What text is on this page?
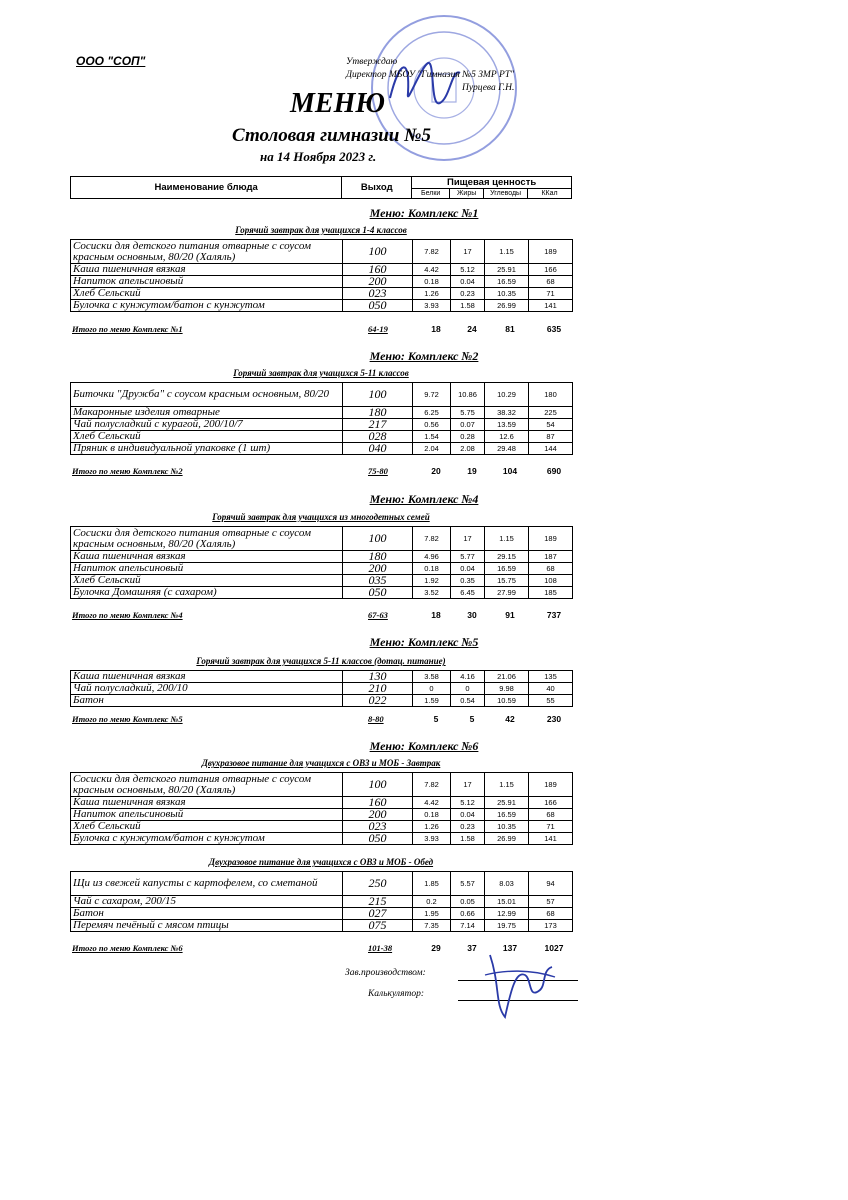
ООО "СОП"	Утверждаю
Директор МБОУ "Гимназия №5 ЗМР РТ"
Пурцева Г.Н.
МЕНЮ
Столовая гимназии №5
на 14 Ноября 2023 г.
Наименование блюда	Выход	Пищевая ценность			
		Белки	Жиры	Углеводы	ККал
Меню: Комплекс №1
Горячий завтрак для учащихся 1-4 классов
Сосиски для детского питания отварные с соусом красным основным, 80/20 (Халяль)	100	7.82	17	1.15	189
Каша пшеничная вязкая	160	4.42	5.12	25.91	166
Напиток апельсиновый	200	0.18	0.04	16.59	68
Хлеб Сельский	023	1.26	0.23	10.35	71
Булочка с кунжутом/батон с кунжутом	050	3.93	1.58	26.99	141
Итого по меню Комплекс №1	64-19	18	24	81	635
Меню: Комплекс №2
Горячий завтрак для учащихся 5-11 классов
Биточки "Дружба" с соусом красным основным, 80/20	100	9.72	10.86	10.29	180
Макаронные изделия отварные	180	6.25	5.75	38.32	225
Чай полусладкий с курагой, 200/10/7	217	0.56	0.07	13.59	54
Хлеб Сельский	028	1.54	0.28	12.6	87
Пряник в индивидуальной упаковке (1 шт)	040	2.04	2.08	29.48	144
Итого по меню Комплекс №2	75-80	20	19	104	690
Меню: Комплекс №4
Горячий завтрак для учащихся из многодетных семей
Сосиски для детского питания отварные с соусом красным основным, 80/20 (Халяль)	100	7.82	17	1.15	189
Каша пшеничная вязкая	180	4.96	5.77	29.15	187
Напиток апельсиновый	200	0.18	0.04	16.59	68
Хлеб Сельский	035	1.92	0.35	15.75	108
Булочка Домашняя (с сахаром)	050	3.52	6.45	27.99	185
Итого по меню Комплекс №4	67-63	18	30	91	737
Меню: Комплекс №5
Горячий завтрак для учащихся 5-11 классов (дотац. питание)
Каша пшеничная вязкая	130	3.58	4.16	21.06	135
Чай полусладкий, 200/10	210	0	0	9.98	40
Батон	022	1.59	0.54	10.59	55
Итого по меню Комплекс №5	8-80	5	5	42	230
Меню: Комплекс №6
Двухразовое питание для учащихся с ОВЗ и МОБ - Завтрак
Сосиски для детского питания отварные с соусом красным основным, 80/20 (Халяль)	100	7.82	17	1.15	189
Каша пшеничная вязкая	160	4.42	5.12	25.91	166
Напиток апельсиновый	200	0.18	0.04	16.59	68
Хлеб Сельский	023	1.26	0.23	10.35	71
Булочка с кунжутом/батон с кунжутом	050	3.93	1.58	26.99	141
Двухразовое питание для учащихся с ОВЗ и МОБ - Обед
Щи из свежей капусты с картофелем, со сметаной	250	1.85	5.57	8.03	94
Чай с сахаром, 200/15	215	0.2	0.05	15.01	57
Батон	027	1.95	0.66	12.99	68
Перемяч печёный с мясом птицы	075	7.35	7.14	19.75	173
Итого по меню Комплекс №6	101-38	29	37	137	1027
Зав.производством:
Калькулятор:
